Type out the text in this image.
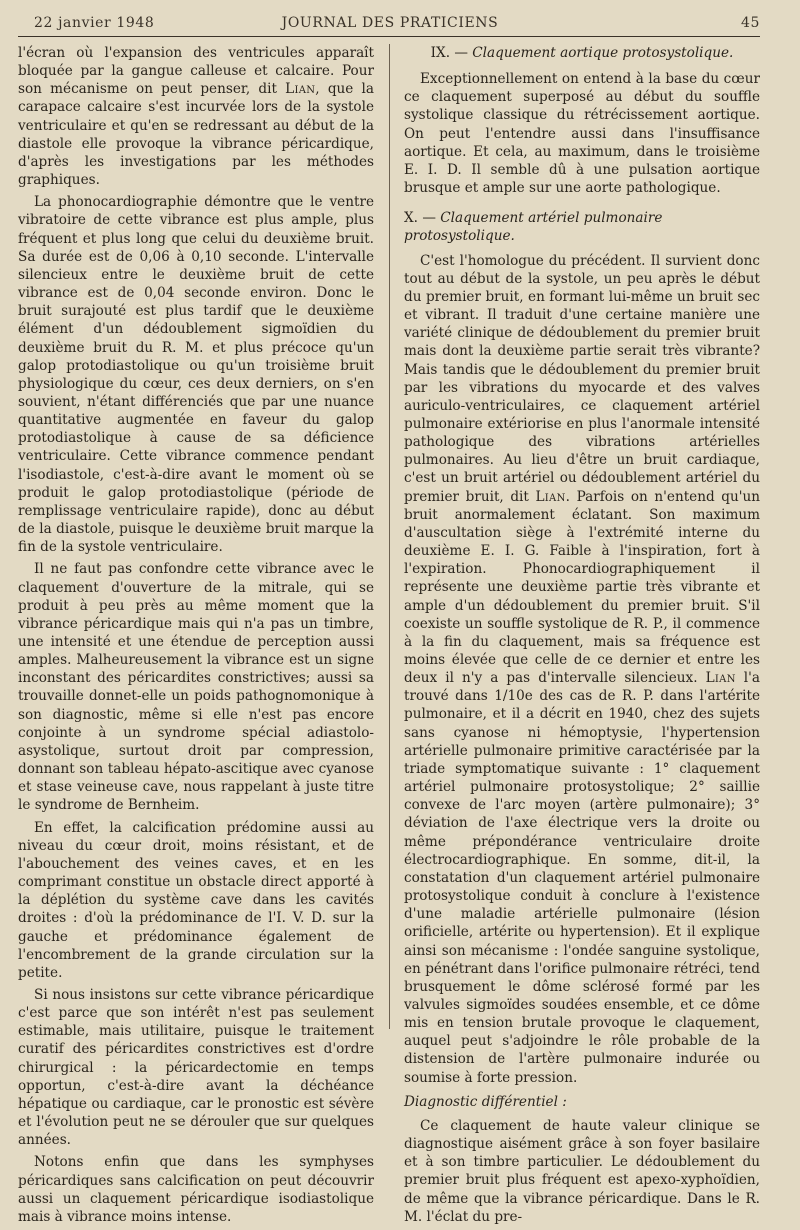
22 janvier 1948	JOURNAL DES PRATICIENS	45

l'écran où l'expansion des ventricules apparaît bloquée par la gangue calleuse et calcaire. Pour son mécanisme on peut penser, dit Lian, que la carapace calcaire s'est incurvée lors de la systole ventriculaire et qu'en se redressant au début de la diastole elle provoque la vibrance péricardique, d'après les investigations par les méthodes graphiques.

La phonocardiographie démontre que le ventre vibratoire de cette vibrance est plus ample, plus fréquent et plus long que celui du deuxième bruit. Sa durée est de 0,06 à 0,10 seconde. L'intervalle silencieux entre le deuxième bruit de cette vibrance est de 0,04 seconde environ. Donc le bruit surajouté est plus tardif que le deuxième élément d'un dédoublement sigmoïdien du deuxième bruit du R. M. et plus précoce qu'un galop protodiastolique ou qu'un troisième bruit physiologique du cœur, ces deux derniers, on s'en souvient, n'étant différenciés que par une nuance quantitative augmentée en faveur du galop protodiastolique à cause de sa déficience ventriculaire. Cette vibrance commence pendant l'isodiastole, c'est-à-dire avant le moment où se produit le galop protodiastolique (période de remplissage ventriculaire rapide), donc au début de la diastole, puisque le deuxième bruit marque la fin de la systole ventriculaire.

Il ne faut pas confondre cette vibrance avec le claquement d'ouverture de la mitrale, qui se produit à peu près au même moment que la vibrance péricardique mais qui n'a pas un timbre, une intensité et une étendue de perception aussi amples. Malheureusement la vibrance est un signe inconstant des péricardites constrictives; aussi sa trouvaille donnet-elle un poids pathognomonique à son diagnostic, même si elle n'est pas encore conjointe à un syndrome spécial adiastolo-asystolique, surtout droit par compression, donnant son tableau hépato-ascitique avec cyanose et stase veineuse cave, nous rappelant à juste titre le syndrome de Bernheim.

En effet, la calcification prédomine aussi au niveau du cœur droit, moins résistant, et de l'abouchement des veines caves, et en les comprimant constitue un obstacle direct apporté à la déplétion du système cave dans les cavités droites : d'où la prédominance de l'I. V. D. sur la gauche et prédominance également de l'encombrement de la grande circulation sur la petite.

Si nous insistons sur cette vibrance péricardique c'est parce que son intérêt n'est pas seulement estimable, mais utilitaire, puisque le traitement curatif des péricardites constrictives est d'ordre chirurgical : la péricardectomie en temps opportun, c'est-à-dire avant la déchéance hépatique ou cardiaque, car le pronostic est sévère et l'évolution peut ne se dérouler que sur quelques années.

Notons enfin que dans les symphyses péricardiques sans calcification on peut découvrir aussi un claquement péricardique isodiastolique mais à vibrance moins intense.

IX. — Claquement aortique protosystolique.

Exceptionnellement on entend à la base du cœur ce claquement superposé au début du souffle systolique classique du rétrécissement aortique. On peut l'entendre aussi dans l'insuffisance aortique. Et cela, au maximum, dans le troisième E. I. D. Il semble dû à une pulsation aortique brusque et ample sur une aorte pathologique.

X. — Claquement artériel pulmonaire protosystolique.

C'est l'homologue du précédent. Il survient donc tout au début de la systole, un peu après le début du premier bruit, en formant lui-même un bruit sec et vibrant. Il traduit d'une certaine manière une variété clinique de dédoublement du premier bruit mais dont la deuxième partie serait très vibrante? Mais tandis que le dédoublement du premier bruit par les vibrations du myocarde et des valves auriculo-ventriculaires, ce claquement artériel pulmonaire extériorise en plus l'anormale intensité pathologique des vibrations artérielles pulmonaires. Au lieu d'être un bruit cardiaque, c'est un bruit artériel ou dédoublement artériel du premier bruit, dit Lian. Parfois on n'entend qu'un bruit anormalement éclatant. Son maximum d'auscultation siège à l'extrémité interne du deuxième E. I. G. Faible à l'inspiration, fort à l'expiration. Phonocardiographiquement il représente une deuxième partie très vibrante et ample d'un dédoublement du premier bruit. S'il coexiste un souffle systolique de R. P., il commence à la fin du claquement, mais sa fréquence est moins élevée que celle de ce dernier et entre les deux il n'y a pas d'intervalle silencieux. Lian l'a trouvé dans 1/10e des cas de R. P. dans l'artérite pulmonaire, et il a décrit en 1940, chez des sujets sans cyanose ni hémoptysie, l'hypertension artérielle pulmonaire primitive caractérisée par la triade symptomatique suivante : 1° claquement artériel pulmonaire protosystolique; 2° saillie convexe de l'arc moyen (artère pulmonaire); 3° déviation de l'axe électrique vers la droite ou même prépondérance ventriculaire droite électrocardiographique. En somme, dit-il, la constatation d'un claquement artériel pulmonaire protosystolique conduit à conclure à l'existence d'une maladie artérielle pulmonaire (lésion orificielle, artérite ou hypertension). Et il explique ainsi son mécanisme : l'ondée sanguine systolique, en pénétrant dans l'orifice pulmonaire rétréci, tend brusquement le dôme sclérosé formé par les valvules sigmoïdes soudées ensemble, et ce dôme mis en tension brutale provoque le claquement, auquel peut s'adjoindre le rôle probable de la distension de l'artère pulmonaire indurée ou soumise à forte pression.

Diagnostic différentiel :

Ce claquement de haute valeur clinique se diagnostique aisément grâce à son foyer basilaire et à son timbre particulier. Le dédoublement du premier bruit plus fréquent est apexo-xyphoïdien, de même que la vibrance péricardique. Dans le R. M. l'éclat du pre-
